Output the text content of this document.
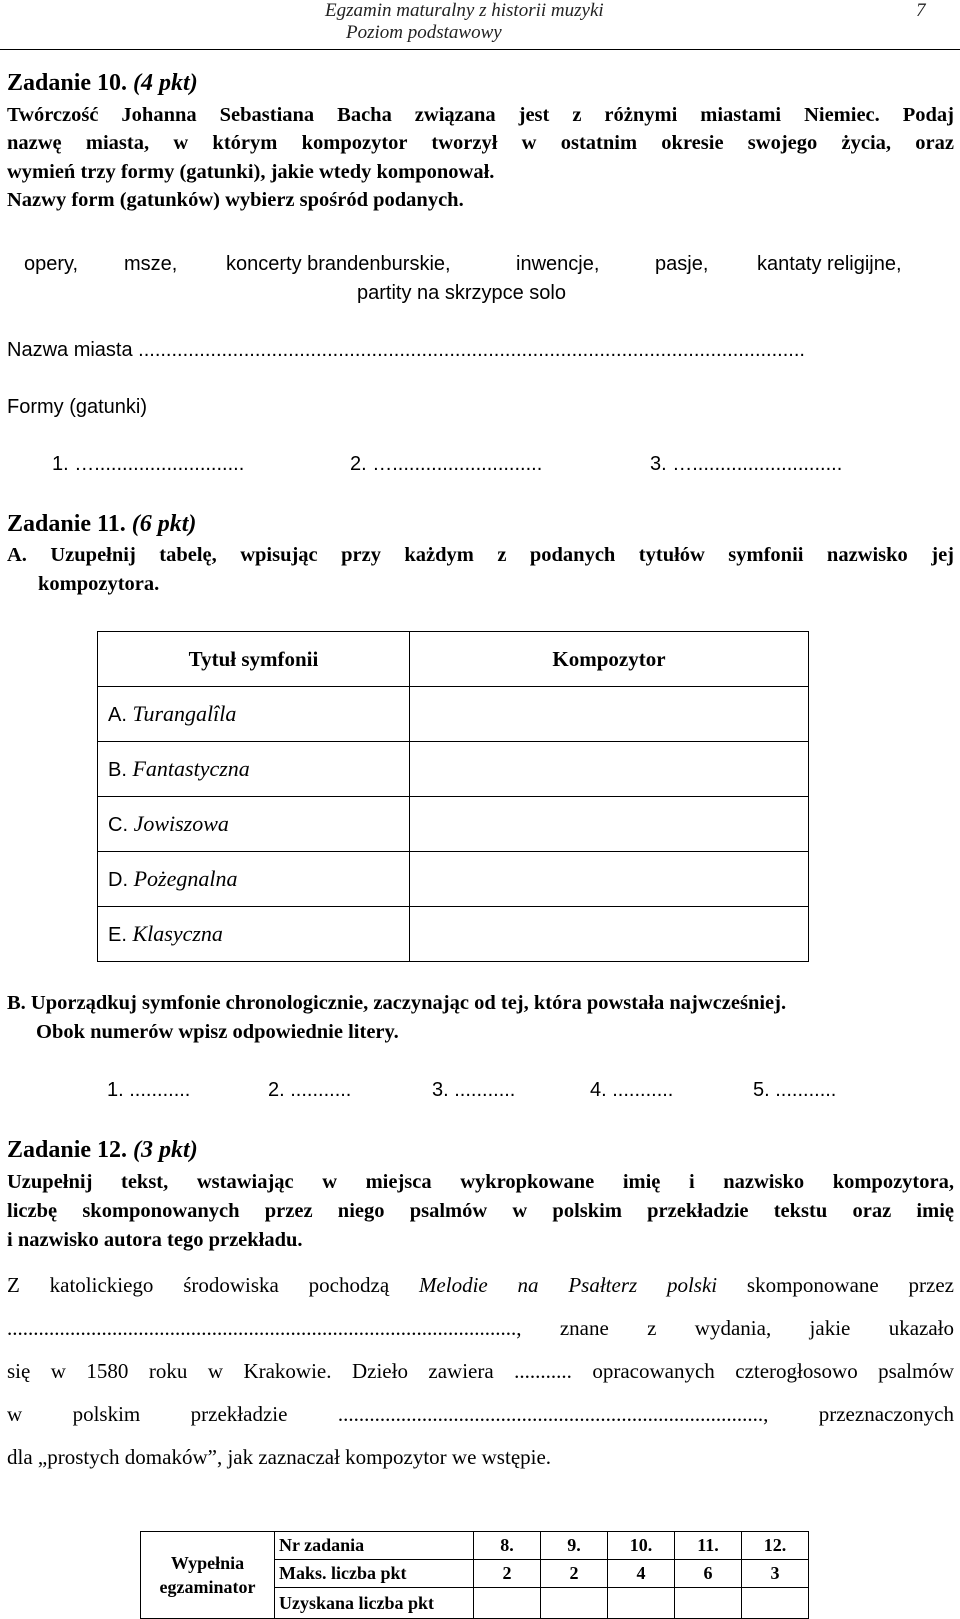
Egzamin maturalny z historii muzyki
Poziom podstawowy
7
Zadanie 10. (4 pkt)
Twórczość Johanna Sebastiana Bacha związana jest z różnymi miastami Niemiec. Podaj
nazwę miasta, w którym kompozytor tworzył w ostatnim okresie swojego życia, oraz
wymień trzy formy (gatunki), jakie wtedy komponował.
Nazwy form (gatunków) wybierz spośród podanych.
opery, msze, koncerty brandenburskie,	inwencje,	pasje, kantaty religijne,
partity na skrzypce solo
Nazwa miasta ........................................................................................................................
Formy (gatunki)
1. …...........................	2. …...........................	3. …...........................
Zadanie 11. (6 pkt)
A. Uzupełnij tabelę, wpisując przy każdym z podanych tytułów symfonii nazwisko jej
kompozytora.
Tytuł symfonii	Kompozytor
A. Turangalîla	
B. Fantastyczna	
C. Jowiszowa	
D. Pożegnalna	
E. Klasyczna	
B. Uporządkuj symfonie chronologicznie, zaczynając od tej, która powstała najwcześniej.
Obok numerów wpisz odpowiednie litery.
1. ...........	2. ...........	3. ...........	4. ...........	5. ...........
Zadanie 12. (3 pkt)
Uzupełnij tekst, wstawiając w miejsca wykropkowane imię i nazwisko kompozytora,
liczbę skomponowanych przez niego psalmów w polskim przekładzie tekstu oraz imię
i nazwisko autora tego przekładu.
Z katolickiego środowiska pochodzą Melodie na Psałterz polski skomponowane przez
................................................................................................., znane z wydania, jakie ukazało
się w 1580 roku w Krakowie. Dzieło zawiera ........... opracowanych czterogłosowo psalmów
w polskim przekładzie ................................................................................., przeznaczonych
dla „prostych domaków”, jak zaznaczał kompozytor we wstępie.
Wypełnia
egzaminator	Nr zadania	8.	9.	10.	11.	12.
	Maks. liczba pkt	2	2	4	6	3
	Uzyskana liczba pkt					
